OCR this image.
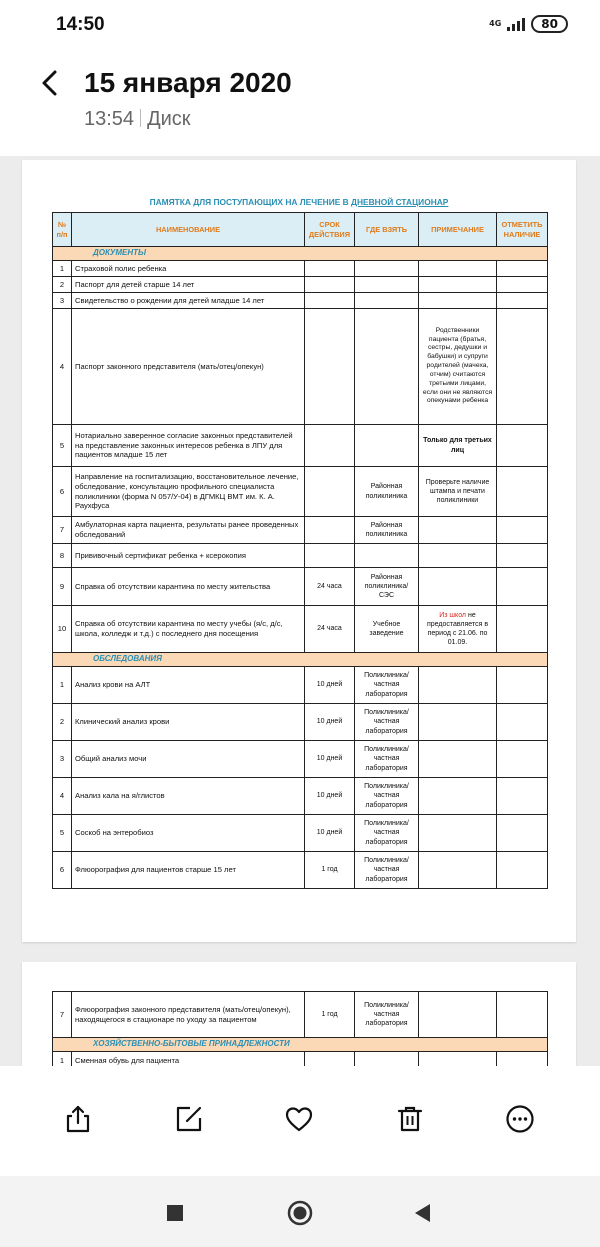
14:50	4G	80
15 января 2020
13:54 Диск
ПАМЯТКА ДЛЯ ПОСТУПАЮЩИХ НА ЛЕЧЕНИЕ В ДНЕВНОЙ СТАЦИОНАР
№ п/п	НАИМЕНОВАНИЕ	СРОК ДЕЙСТВИЯ	ГДЕ ВЗЯТЬ	ПРИМЕЧАНИЕ	ОТМЕТИТЬ НАЛИЧИЕ
ДОКУМЕНТЫ					
1	Страховой полис ребенка				
2	Паспорт для детей старше 14 лет				
3	Свидетельство о рождении для детей младше 14 лет				
4	Паспорт законного представителя (мать/отец/опекун)			Родственники пациента (братья, сестры, дедушки и бабушки) и супруги родителей (мачеха, отчим) считаются третьими лицами, если они не являются опекунами ребенка	
5	Нотариально заверенное согласие законных представителей на представление законных интересов ребенка в ЛПУ для пациентов младше 15 лет			Только для третьих лиц	
6	Направление на госпитализацию, восстановительное лечение, обследование, консультацию профильного специалиста поликлиники (форма N 057/У-04) в ДГМКЦ ВМТ им. К. А. Раухфуса		Районная поликлиника	Проверьте наличие штампа и печати поликлиники	
7	Амбулаторная карта пациента, результаты ранее проведенных обследований		Районная поликлиника		
8	Прививочный сертификат ребенка + ксерокопия				
9	Справка об отсутствии карантина по месту жительства	24 часа	Районная поликлиника/ СЭС		
10	Справка об отсутствии карантина по месту учебы (я/с, д/с, школа, колледж и т.д.) с последнего дня посещения	24 часа	Учебное заведение	Из школ не предоставляется в период с 21.06. по 01.09.	
ОБСЛЕДОВАНИЯ					
1	Анализ крови на АЛТ	10 дней	Поликлиника/ частная лаборатория		
2	Клинический анализ крови	10 дней	Поликлиника/ частная лаборатория		
3	Общий анализ мочи	10 дней	Поликлиника/ частная лаборатория		
4	Анализ кала на я/глистов	10 дней	Поликлиника/ частная лаборатория		
5	Соскоб на энтеробиоз	10 дней	Поликлиника/ частная лаборатория		
6	Флюорография для пациентов старше 15 лет	1 год	Поликлиника/ частная лаборатория		
7	Флюорография законного представителя (мать/отец/опекун), находящегося в стационаре по уходу за пациентом	1 год	Поликлиника/ частная лаборатория		
ХОЗЯЙСТВЕННО-БЫТОВЫЕ ПРИНАДЛЕЖНОСТИ					
1	Сменная обувь для пациента				
